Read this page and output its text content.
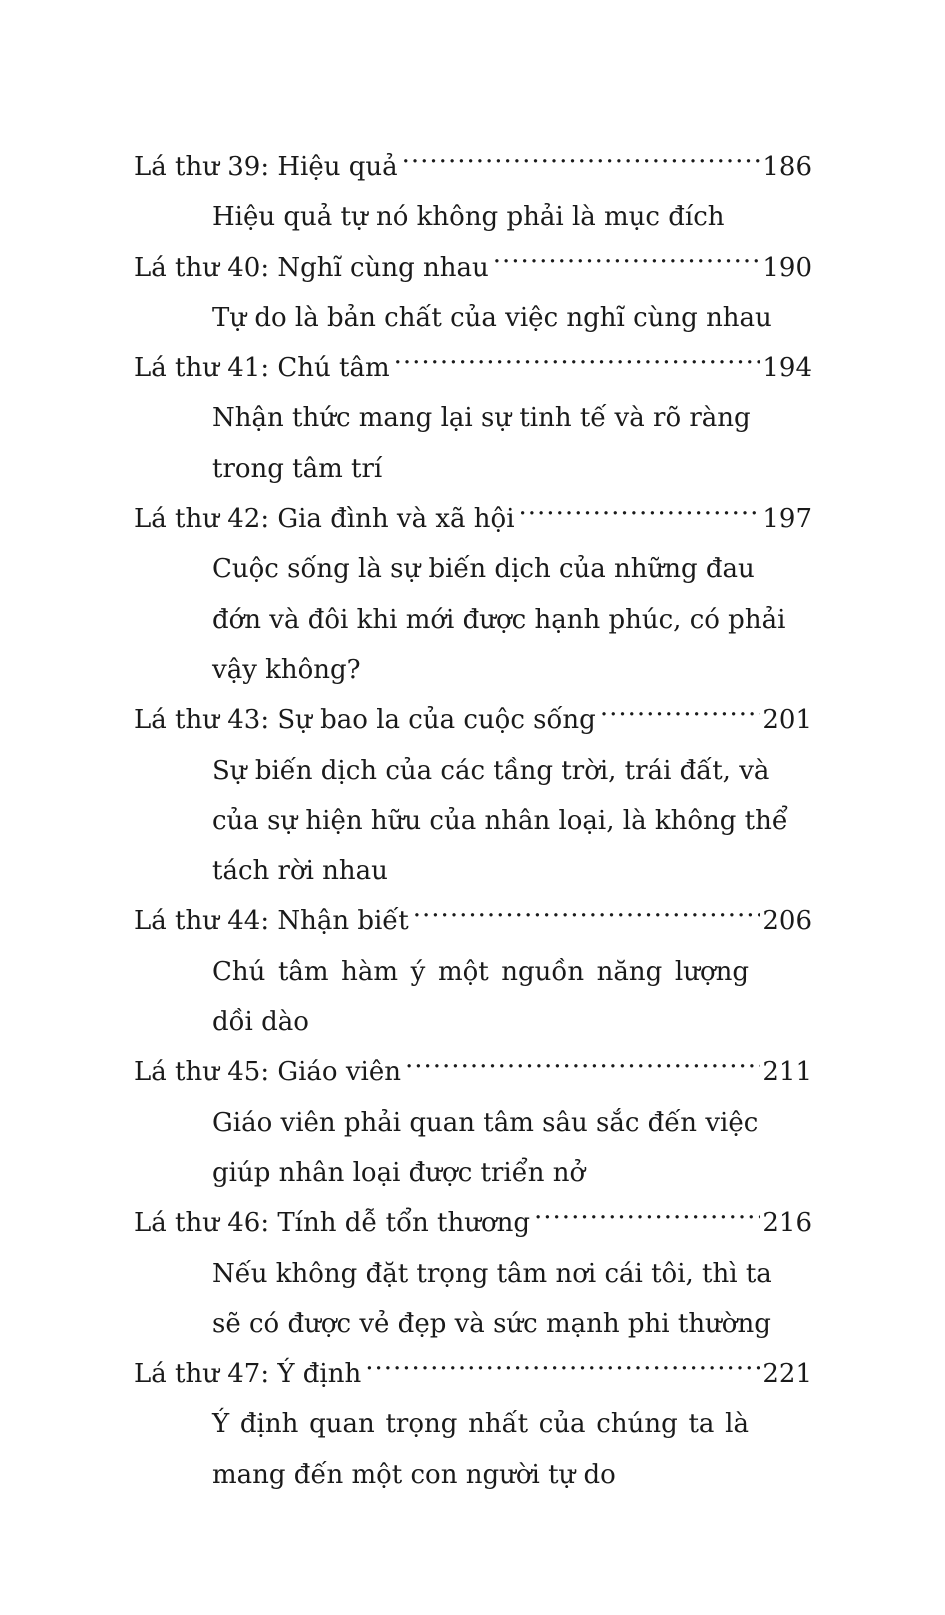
Lá thư 39: Hiệu quả .....	186
Hiệu quả tự nó không phải là mục đích
Lá thư 40: Nghĩ cùng nhau .....	190
Tự do là bản chất của việc nghĩ cùng nhau
Lá thư 41: Chú tâm .....	194
Nhận thức mang lại sự tinh tế và rõ ràng
trong tâm trí
Lá thư 42: Gia đình và xã hội .....	197
Cuộc sống là sự biến dịch của những đau
đớn và đôi khi mới được hạnh phúc, có phải
vậy không?
Lá thư 43: Sự bao la của cuộc sống .....	201
Sự biến dịch của các tầng trời, trái đất, và
của sự hiện hữu của nhân loại, là không thể
tách rời nhau
Lá thư 44: Nhận biết .....	206
Chú tâm hàm ý một nguồn năng lượng
dồi dào
Lá thư 45: Giáo viên .....	211
Giáo viên phải quan tâm sâu sắc đến việc
giúp nhân loại được triển nở
Lá thư 46: Tính dễ tổn thương .....	216
Nếu không đặt trọng tâm nơi cái tôi, thì ta
sẽ có được vẻ đẹp và sức mạnh phi thường
Lá thư 47: Ý định .....	221
Ý định quan trọng nhất của chúng ta là
mang đến một con người tự do
